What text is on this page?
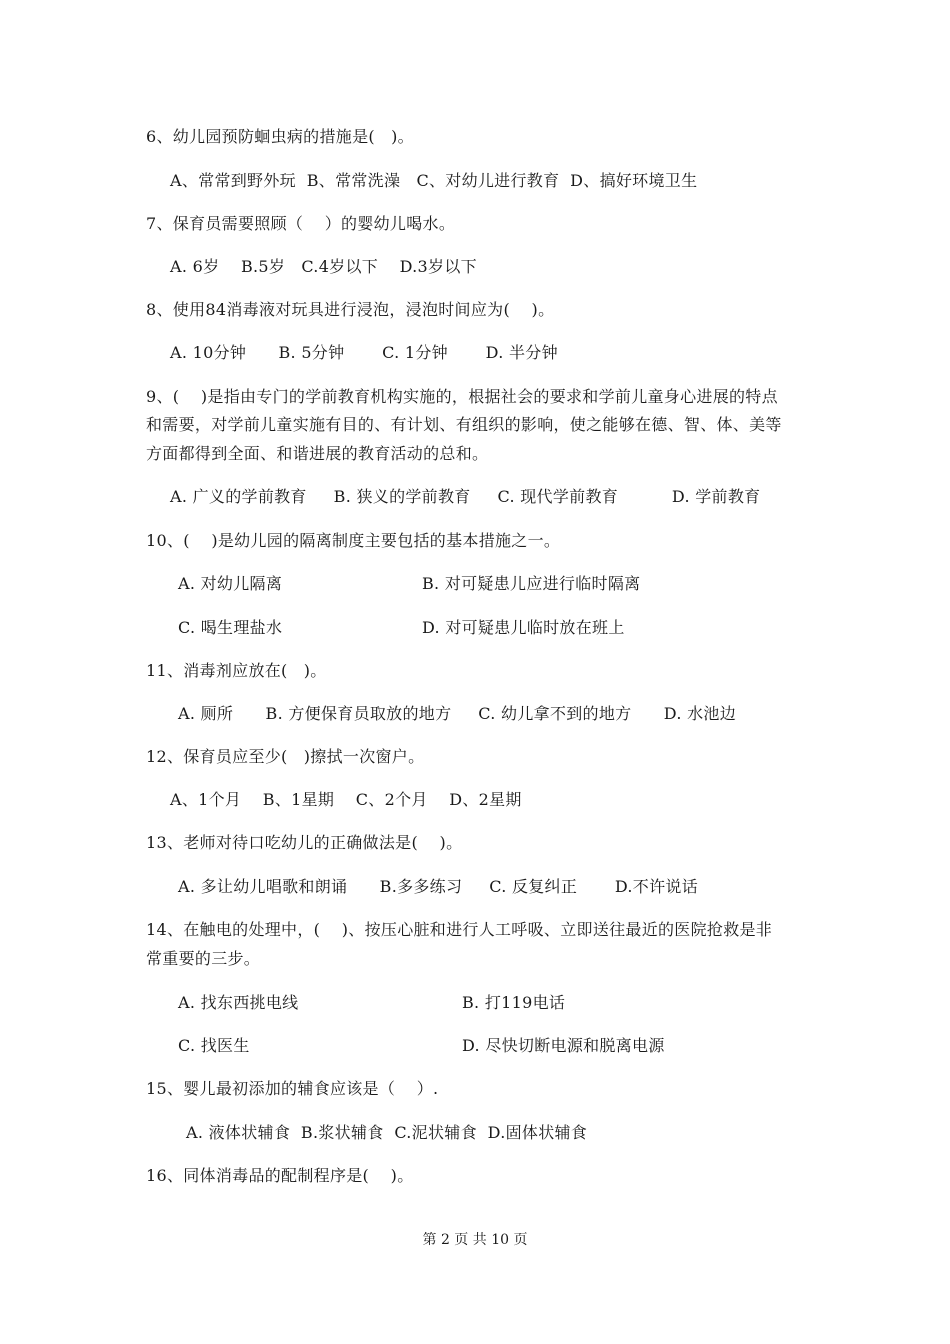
6、幼儿园预防蛔虫病的措施是(   )。
A、常常到野外玩  B、常常洗澡   C、对幼儿进行教育  D、搞好环境卫生
7、保育员需要照顾（    ）的婴幼儿喝水。
A. 6岁    B.5岁   C.4岁以下    D.3岁以下
8、使用84消毒液对玩具进行浸泡，浸泡时间应为(    )。
A. 10分钟      B. 5分钟       C. 1分钟       D. 半分钟
9、(    )是指由专门的学前教育机构实施的，根据社会的要求和学前儿童身心进展的特点
和需要，对学前儿童实施有目的、有计划、有组织的影响，使之能够在德、智、体、美等
方面都得到全面、和谐进展的教育活动的总和。
A. 广义的学前教育     B. 狭义的学前教育     C. 现代学前教育          D. 学前教育
10、(    )是幼儿园的隔离制度主要包括的基本措施之一。
A. 对幼儿隔离	B. 对可疑患儿应进行临时隔离
C. 喝生理盐水	D. 对可疑患儿临时放在班上
11、消毒剂应放在(   )。
A. 厕所      B. 方便保育员取放的地方     C. 幼儿拿不到的地方      D. 水池边
12、保育员应至少(   )擦拭一次窗户。
A、1个月    B、1星期    C、2个月    D、2星期
13、老师对待口吃幼儿的正确做法是(    )。
A. 多让幼儿唱歌和朗诵      B.多多练习     C. 反复纠正       D.不许说话
14、在触电的处理中，(    )、按压心脏和进行人工呼吸、立即送往最近的医院抢救是非
常重要的三步。
A. 找东西挑电线	B. 打119电话
C. 找医生	D. 尽快切断电源和脱离电源
15、婴儿最初添加的辅食应该是（    ）.
A. 液体状辅食  B.浆状辅食  C.泥状辅食  D.固体状辅食
16、同体消毒品的配制程序是(    )。
第 2 页 共 10 页
